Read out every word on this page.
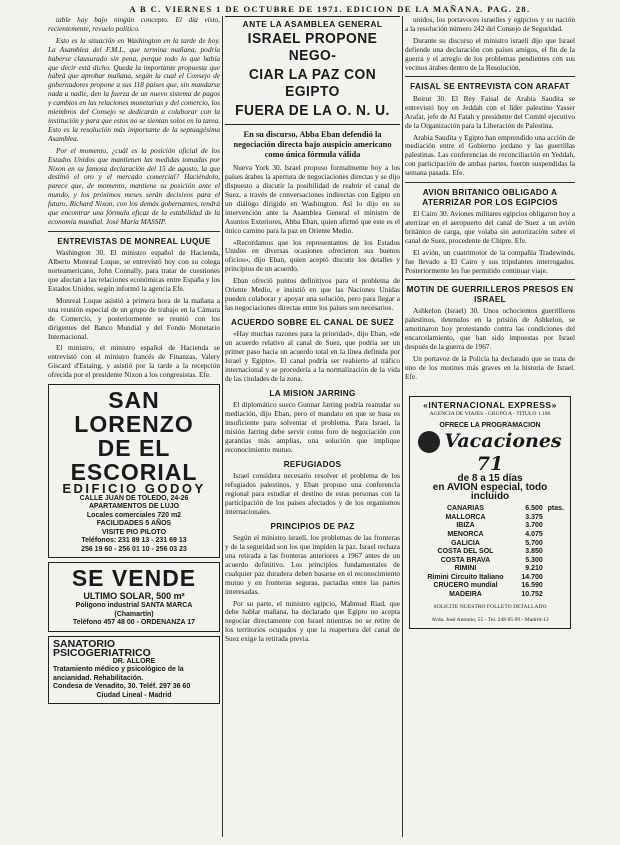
A B C. VIERNES 1 DE OCTUBRE DE 1971. EDICION DE LA MAÑANA. PAG. 28.

table hay bajo ningún concepto. El día vísto, recientemente, revuelo político.

Esto es la situación en Washington en la tarde de hoy. La Asamblea del F.M.I., que termina mañana, podría haberse clausurado sin pena, porque todo lo que había que decir está dicho. Queda la importante propuesta que habrá que aprobar mañana, según la cual el Consejo de gobernadores propone a sus 118 países que, sin mandarse nada a nadie, den la fuerza de un nuevo sistema de pagos y cambios en las relaciones monetarias y del comercio, los miembros del Consejo se dedicarán a colaborar con la institución y para que estos no se sientan solos en la tarea. Esto es la resolución más importante de la septuagésima Asamblea.

Por el momento, ¿cuál es la posición oficial de los Estados Unidos que mantienen las medidas tomadas por Nixon en su famosa declaración del 15 de agosto, la que destinó el oro y el mercado comercial? Haciéndolo, parece que, de momento, mantiene su posición ante el mundo, y los próximos meses serán decisivos para el futuro. Richard Nixon, con los demás gobernantes, tendrá que encontrar una fórmula eficaz de la estabilidad de la economía mundial. José María MASSIP.

ENTREVISTAS DE MONREAL LUQUE

Washington 30. El ministro español de Hacienda, Alberto Monreal Luque, se entrevistó hoy con su colega norteamericano, John Connally, para tratar de cuestiones que afectan a las relaciones económicas entre España y los Estados Unidos, según informó la agencia Efe.

Monreal Luque asistió a primera hora de la mañana a una reunión especial de un grupo de trabajo en la Cámara de Comercio, y posteriormente se reunió con los dirigentes del Banco Mundial y del Fondo Monetario Internacional.

El ministro, el ministro español de Hacienda se entrevistó con el ministro francés de Finanzas, Valery Giscard d'Estaing, y asistió por la tarde a la recepción ofrecida por el presidente Nixon a los congresistas. Efe.

SAN LORENZO
DE EL ESCORIAL
EDIFICIO GODOY
CALLE JUAN DE TOLEDO, 24-26
APARTAMENTOS DE LUJO
Locales comerciales 720 m2
FACILIDADES 5 AÑOS
VISITE PIO PILOTO
Teléfonos: 231 89 13 - 231 69 13
256 19 60 - 256 01 10 - 256 03 23
SE VENDE
ULTIMO SOLAR, 500 m²
Polígono industrial SANTA MARCA
(Chamartín)
Teléfono 457 48 00 - ORDENANZA 17
SANATORIO PSICOGERIATRICO
DR. ALLORE
Tratamiento médico y psicológico de la ancianidad. Rehabilitación.
Condesa de Venadito, 30. Teléf. 297 36 60
Ciudad Lineal - Madrid
ANTE LA ASAMBLEA GENERAL
ISRAEL PROPONE NEGO-
CIAR LA PAZ CON EGIPTO
FUERA DE LA O. N. U.
En su discurso, Abba Eban defendió la negociación directa bajo auspicio americano como única fórmula válida

Nueva York 30. Israel propuso formalmente hoy a los países árabes la apertura de negociaciones directas y se dijo dispuesto a discutir la posibilidad de reabrir el canal de Suez, a través de conversaciones indirectas con Egipto en un diálogo dirigido en Washington. Así lo dijo en su intervención ante la Asamblea General el ministro de Asuntos Exteriores, Abba Eban, quien afirmó que este es el único camino para la paz en Oriente Medio.

«Recordamos que los representantes de los Estados Unidos en diversas ocasiones ofrecieron sus buenos oficios», dijo Eban, quien aceptó discutir los detalles y principios de un acuerdo.

Eban ofreció puntos definitivos para el problema de Oriente Medio, e insistió en que las Naciones Unidas pueden colaborar y apoyar una solución, pero para llegar a las negociaciones directas entre los países son necesarios.

ACUERDO SOBRE EL CANAL DE SUEZ

«Hay muchas razones para la prioridad», dijo Eban, «de un acuerdo relativo al canal de Suez, que podría ser un primer paso hacia un acuerdo total en la línea definida por Israel y Egipto». El canal podría ser reabierto al tráfico internacional y se procedería a la normalización de la vida de las ciudades de la zona.

LA MISION JARRING

El diplomático sueco Gunnar Jarring podría reanudar su mediación, dijo Eban, pero el mandato en que se basa es insuficiente para solventar el problema. Para Israel, la misión Jarring debe servir como foro de negociación con garantías más amplias, una solución que implique reconocimiento mutuo.

REFUGIADOS

Israel considera necesario resolver el problema de los refugiados palestinos, y Eban propuso una conferencia regional para estudiar el destino de estas personas con la participación de los países afectados y de los organismos internacionales.

PRINCIPIOS DE PAZ

Según el ministro israelí, los problemas de las fronteras y de la seguridad son los que impiden la paz. Israel rechaza una retirada a las fronteras anteriores a 1967 antes de un acuerdo definitivo. Los principios fundamentales de cualquier paz duradera deben basarse en el reconocimiento mutuo y en fronteras seguras, pactadas entre las partes interesadas.

Por su parte, el ministro egipcio, Mahmud Riad, que debe hablar mañana, ha declarado que Egipto no acepta negociar directamente con Israel mientras no se retire de los territorios ocupados y que la reapertura del canal de Suez exige la retirada previa.

unidos, los portavoces israelíes y egipcios y su nación a la resolución número 242 del Consejo de Seguridad.

Durante su discurso el ministro israelí dijo que Israel defiende una declaración con países amigos, el fin de la guerra y el arreglo de los problemas pendientes con sus vecinos árabes dentro de la Resolución.

FAISAL SE ENTREVISTA CON ARAFAT

Beirut 30. El Rey Faisal de Arabia Saudita se entrevistó hoy en Jeddah con el líder palestino Yasser Arafat, jefe de Al Fatah y presidente del Comité ejecutivo de la Organización para la Liberación de Palestina.

Arabia Saudita y Egipto han emprendido una acción de mediación entre el Gobierno jordano y las guerrillas palestinas. Las conferencias de reconciliación en Yeddah, con participación de ambas partes, fueron suspendidas la semana pasada. Efe.

AVION BRITANICO OBLIGADO A ATERRIZAR POR LOS EGIPCIOS

El Cairo 30. Aviones militares egipcios obligaron hoy a aterrizar en el aeropuerto del canal de Suez a un avión británico de carga, que volaba sin autorización sobre el canal de Suez, procedente de Chipre. Efe.

El avión, un cuatrimotor de la compañía Tradewinds, fue llevado a El Cairo y sus tripulantes interrogados. Posteriormente les fue permitido continuar viaje.

MOTIN DE GUERRILLEROS PRESOS EN ISRAEL

Ashkelon (Israel) 30. Unos ochocientos guerrilleros palestinos, detenidos en la prisión de Ashkelon, se amotinaron hoy protestando contra las condiciones del encarcelamiento, que han sido impuestas por Israel después de la guerra de 1967.

Un portavoz de la Policía ha declarado que se trata de uno de los motines más graves en la historia de Israel. Efe.

«INTERNACIONAL EXPRESS»
AGENCIA DE VIAJES - GRUPO A - TITULO 1.186
OFRECE LA PROGRAMACION
Vacaciones 71
de 8 a 15 días
en AVION especial, todo incluido
CANARIAS	6.500	ptas.
MALLORCA	3.375	
IBIZA	3.700	
MENORCA	4.075	
GALICIA	5.700	
COSTA DEL SOL	3.850	
COSTA BRAVA	5.300	
RIMINI	9.210	
Rimini Circuito Italiano	14.700	
CRUCERO mundial	16.590	
MADEIRA	10.752	
SOLICITE NUESTRO FOLLETO DETALLADO
Avda. José Antonio, 55 - Tel. 248 85 09 - Madrid-13
